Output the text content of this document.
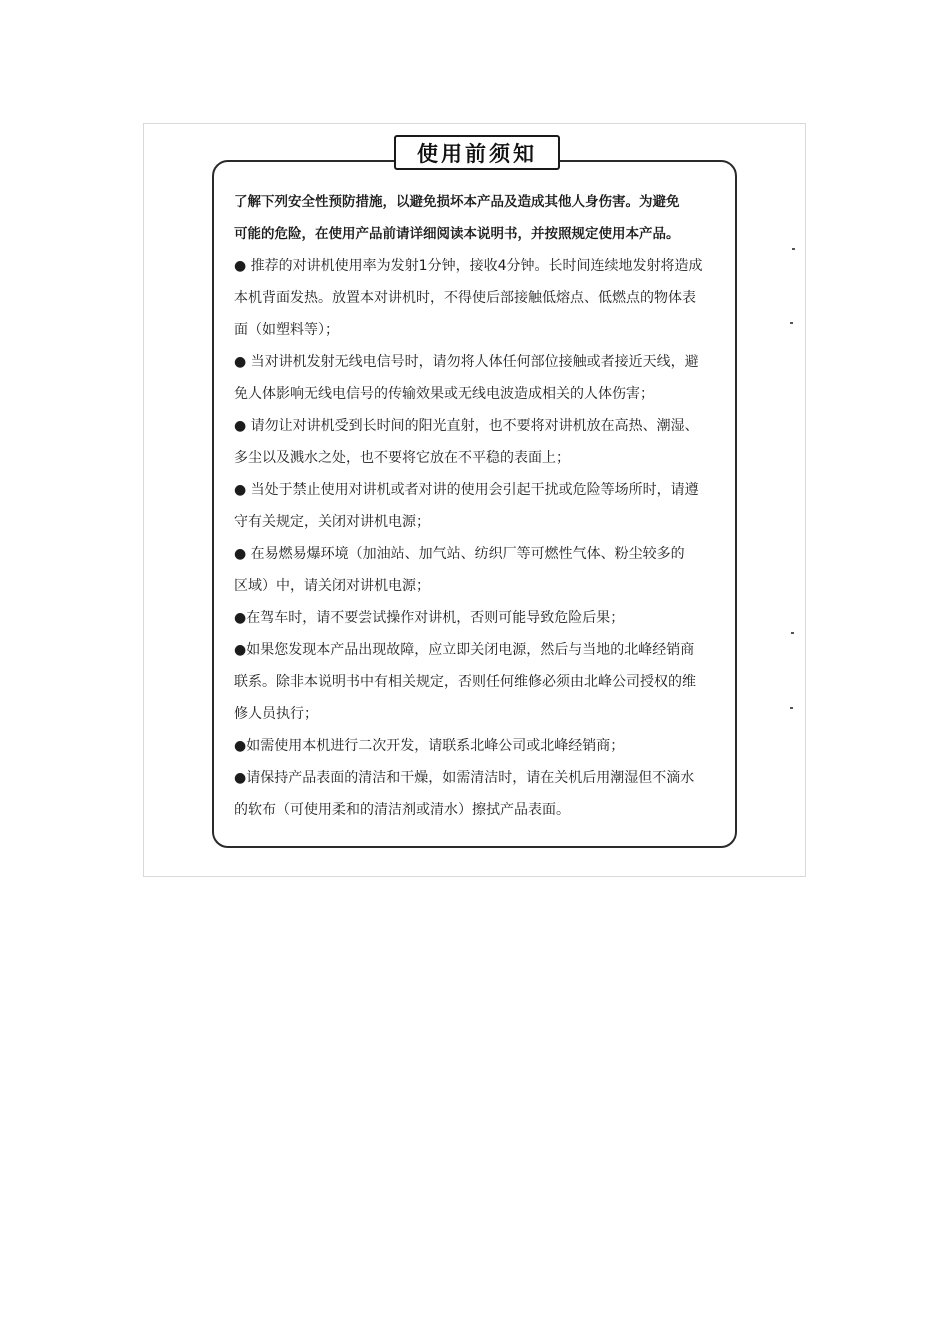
使用前须知
了解下列安全性预防措施，以避免损坏本产品及造成其他人身伤害。为避免
可能的危险，在使用产品前请详细阅读本说明书，并按照规定使用本产品。
● 推荐的对讲机使用率为发射1分钟，接收4分钟。长时间连续地发射将造成
本机背面发热。放置本对讲机时，不得使后部接触低熔点、低燃点的物体表
面（如塑料等）；
● 当对讲机发射无线电信号时，请勿将人体任何部位接触或者接近天线，避
免人体影响无线电信号的传输效果或无线电波造成相关的人体伤害；
● 请勿让对讲机受到长时间的阳光直射，也不要将对讲机放在高热、潮湿、
多尘以及溅水之处，也不要将它放在不平稳的表面上；
● 当处于禁止使用对讲机或者对讲的使用会引起干扰或危险等场所时，请遵
守有关规定，关闭对讲机电源；
● 在易燃易爆环境（加油站、加气站、纺织厂等可燃性气体、粉尘较多的
区域）中，请关闭对讲机电源；
●在驾车时，请不要尝试操作对讲机，否则可能导致危险后果；
●如果您发现本产品出现故障，应立即关闭电源，然后与当地的北峰经销商
联系。除非本说明书中有相关规定，否则任何维修必须由北峰公司授权的维
修人员执行；
●如需使用本机进行二次开发，请联系北峰公司或北峰经销商；
●请保持产品表面的清洁和干燥，如需清洁时，请在关机后用潮湿但不滴水
的软布（可使用柔和的清洁剂或清水）擦拭产品表面。
